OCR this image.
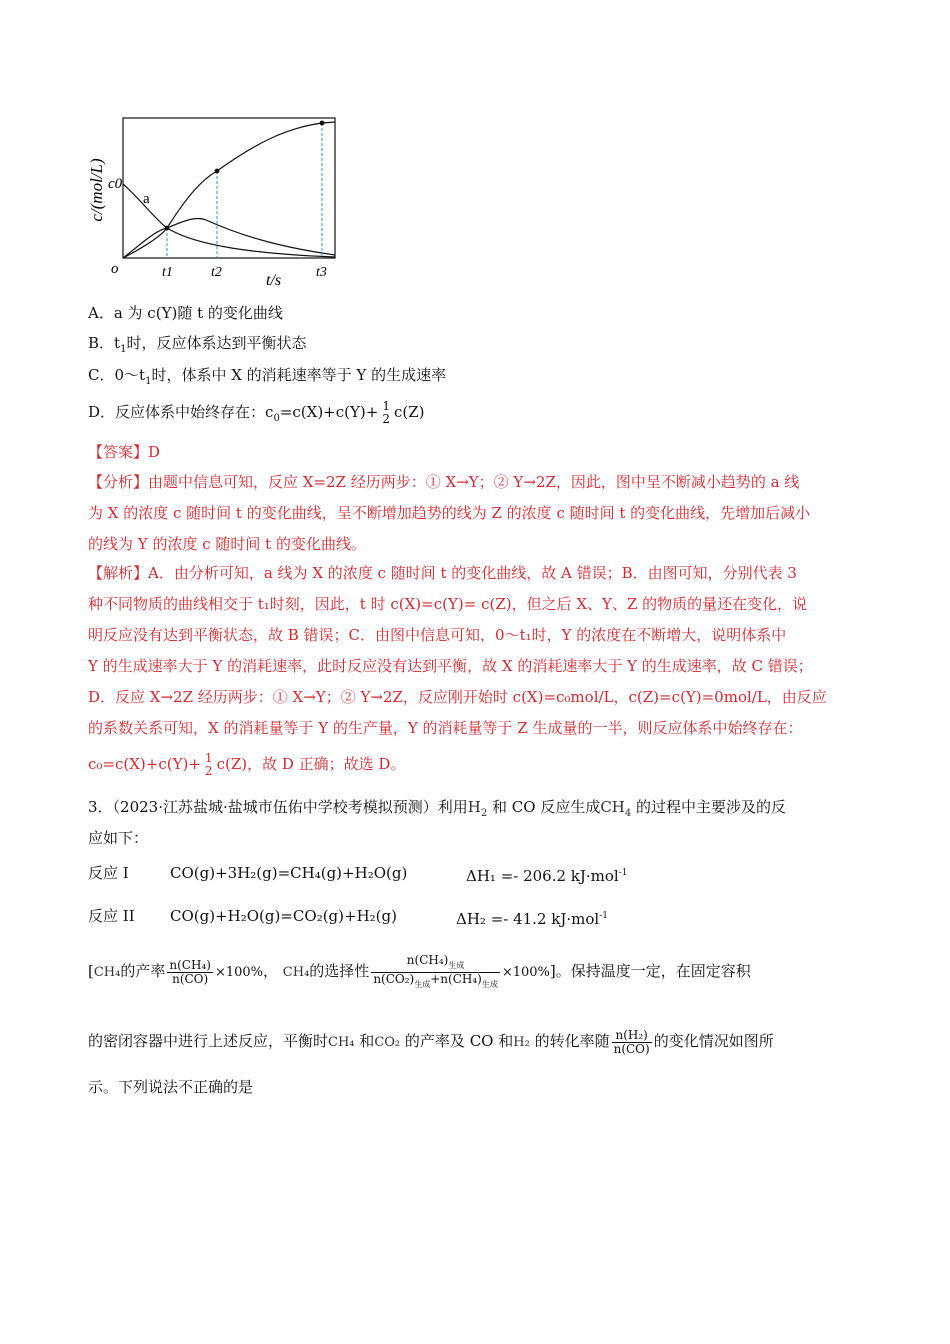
c/(mol/L) c0
a
o	t1	t2	t/s t3
A．a 为 c(Y)随 t 的变化曲线
B．$t_1$时，反应体系达到平衡状态
C．$0\sim t_1$时，体系中 X 的消耗速率等于 Y 的生成速率
D．反应体系中始终存在：$c_0=c(X)+c(Y)+ 1$
2 c(Z)
【答案】D
【分析】由题中信息可知，反应 X=2Z 经历两步：① X→Y；② Y→2Z，因此，图中呈不断减小趋势的 a 线
为 X 的浓度 c 随时间 t 的变化曲线，呈不断增加趋势的线为 Z 的浓度 c 随时间 t 的变化曲线，先增加后减小
的线为 Y 的浓度 c 随时间 t 的变化曲线。
【解析】A．由分析可知，a 线为 X 的浓度 c 随时间 t 的变化曲线，故 A 错误；B．由图可知，分别代表 3
种不同物质的曲线相交于 t₁时刻，因此，t 时 c(X)=c(Y)= c(Z)，但之后 X、Y、Z 的物质的量还在变化，说
明反应没有达到平衡状态，故 B 错误；C．由图中信息可知，0～t₁时，Y 的浓度在不断增大，说明体系中
Y 的生成速率大于 Y 的消耗速率，此时反应没有达到平衡，故 X 的消耗速率大于 Y 的生成速率，故 C 错误；
D．反应 X→2Z 经历两步：① X→Y；② Y→2Z，反应刚开始时 c(X)=c₀mol/L，c(Z)=c(Y)=0mol/L，由反应
的系数关系可知，X 的消耗量等于 Y 的生产量，Y 的消耗量等于 Z 生成量的一半，则反应体系中始终存在：
c₀=c(X)+c(Y)+ 1
2 c(Z)，故 D 正确；故选 D。
3．（2023·江苏盐城·盐城市伍佑中学校考模拟预测）利用$H_2$ 和 CO 反应生成$CH_4$ 的过程中主要涉及的反
应如下：
反应 I	CO(g)+3H₂(g)=CH₄(g)+H₂O(g)	ΔH₁ =- 206.2 kJ·mol$^{-1}$
反应 II CO(g)+H₂O(g)=CO₂(g)+H₂(g)	ΔH₂ =- 41.2 kJ·mol$^{-1}$
[CH₄的产率 $\frac{\text{n(CH₄)}}{n(CO)} \times 100\%$， CH₄的选择性 $\frac{n(CH_4)_{生成}}{n(CO_2)_{生成}+n(CH_4)_{生成}} \times 100\%$]。保持温度一定，在固定容积
的密闭容器中进行上述反应，平衡时CH₄ 和CO₂ 的产率及 CO 和H₂ 的转化率随 $\frac{\text{n(H₂)}}{n(CO)}$ 的变化情况如图所
示。下列说法不正确的是
